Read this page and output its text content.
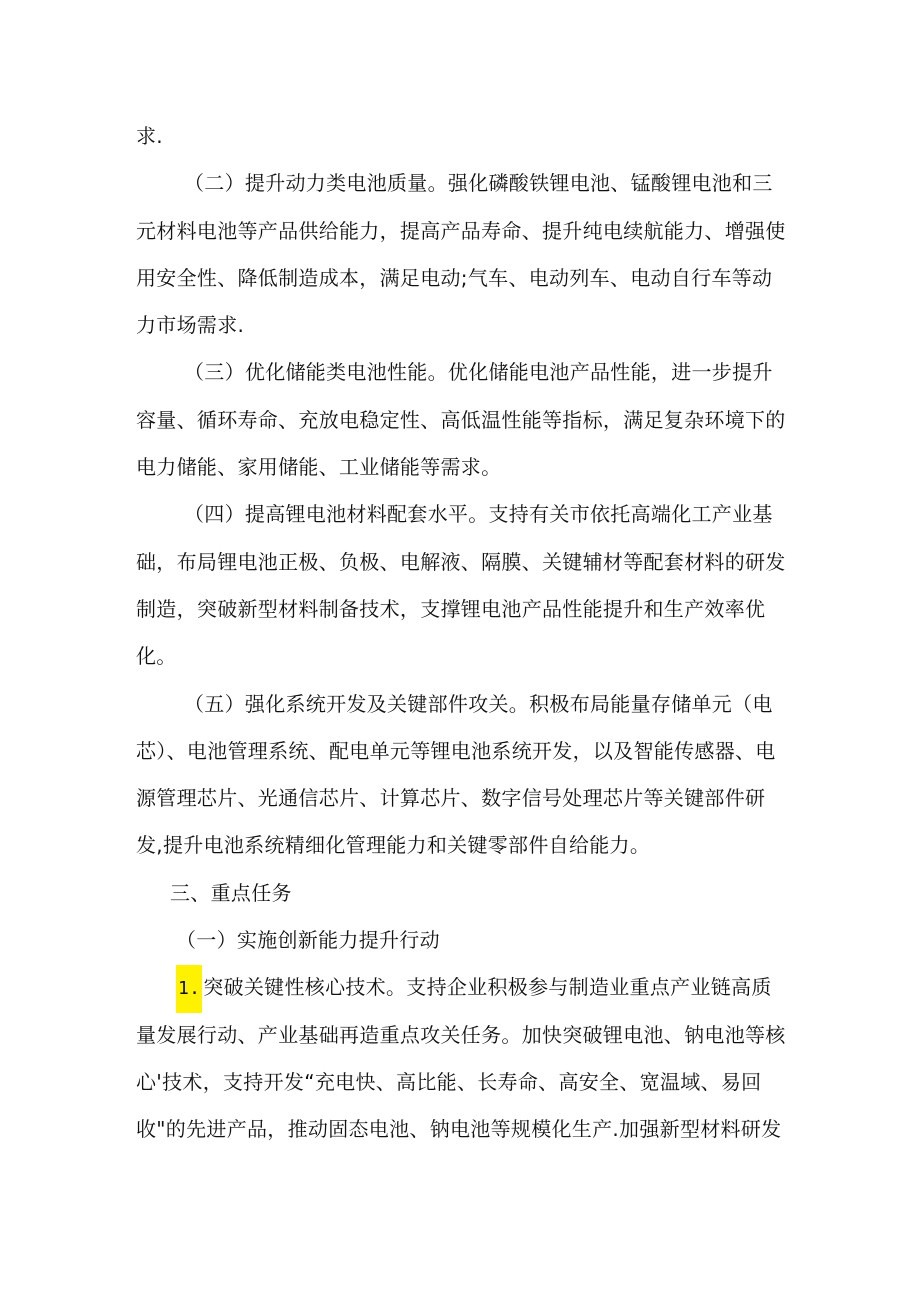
求.
（二）提升动力类电池质量。强化磷酸铁锂电池、锰酸锂电池和三
元材料电池等产品供给能力，提高产品寿命、提升纯电续航能力、增强使
用安全性、降低制造成本，满足电动;气车、电动列车、电动自行车等动
力市场需求.
（三）优化储能类电池性能。优化储能电池产品性能，进一步提升
容量、循环寿命、充放电稳定性、高低温性能等指标，满足复杂环境下的
电力储能、家用储能、工业储能等需求。
（四）提高锂电池材料配套水平。支持有关市依托高端化工产业基
础，布局锂电池正极、负极、电解液、隔膜、关键辅材等配套材料的研发
制造，突破新型材料制备技术，支撑锂电池产品性能提升和生产效率优
化。
（五）强化系统开发及关键部件攻关。积极布局能量存储单元（电
芯）、电池管理系统、配电单元等锂电池系统开发，以及智能传感器、电
源管理芯片、光通信芯片、计算芯片、数字信号处理芯片等关键部件研
发,提升电池系统精细化管理能力和关键零部件自给能力。
三、重点任务
（一）实施创新能力提升行动
1. 突破关键性核心技术。支持企业积极参与制造业重点产业链高质
量发展行动、产业基础再造重点攻关任务。加快突破锂电池、钠电池等核
心'技术，支持开发“充电快、高比能、长寿命、高安全、宽温域、易回
收"的先进产品，推动固态电池、钠电池等规模化生产.加强新型材料研发
